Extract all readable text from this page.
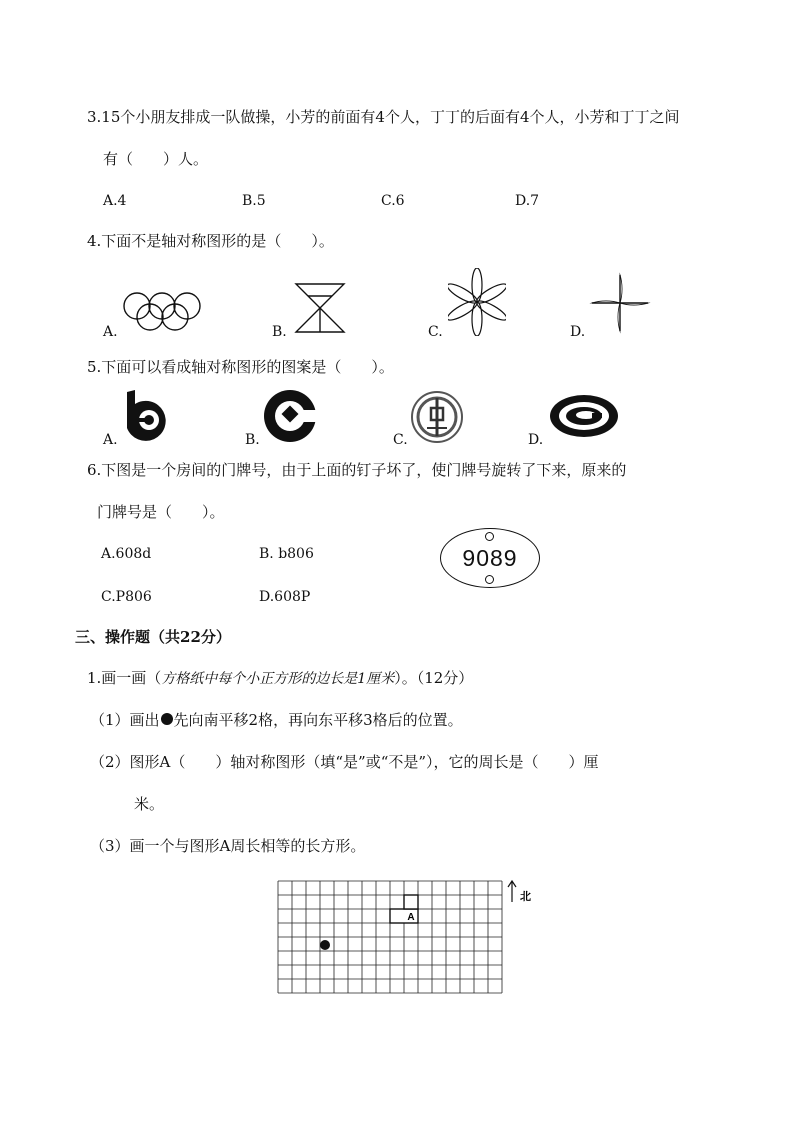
3.15个小朋友排成一队做操，小芳的前面有4个人，丁丁的后面有4个人，小芳和丁丁之间
有（　　）人。
A.4	B.5	C.6	D.7
4.下面不是轴对称图形的是（　　）。
A.	B.	C.	D.
5.下面可以看成轴对称图形的图案是（　　）。
A.	B.	C.	D.
6.下图是一个房间的门牌号，由于上面的钉子坏了，使门牌号旋转了下来，原来的
门牌号是（　　）。
A.608d	B. b806
C.P806	D.608P
9089
三、操作题（共22分）
1.画一画（方格纸中每个小正方形的边长是1厘米）。（12分）
（1）画出 先向南平移2格，再向东平移3格后的位置。
（2）图形A（　　）轴对称图形（填“是”或“不是”），它的周长是（　　）厘
米。
（3）画一个与图形A周长相等的长方形。
A
北
